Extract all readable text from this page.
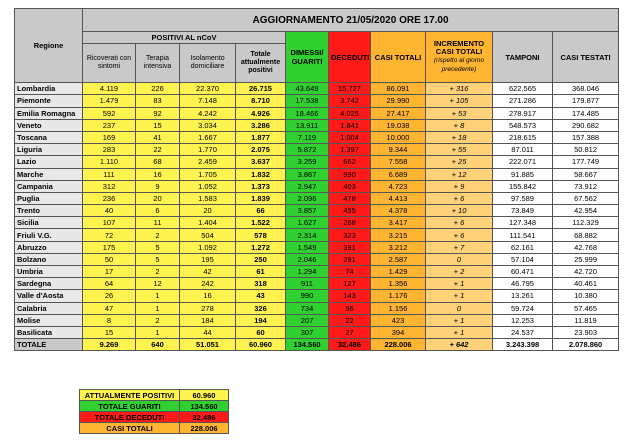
Regione	AGGIORNAMENTO 21/05/2020 ORE 17.00									
	POSITIVI AL nCoV				DIMESSI/ GUARITI	DECEDUTI	CASI TOTALI	INCREMENTO CASI TOTALI
(rispetto al giorno precedente)	TAMPONI	CASI TESTATI
	Ricoverati con sintomi	Terapia intensiva	Isolamento domiciliare	Totale attualmente positivi						
Lombardia	4.119	226	22.370	26.715	43.649	15.727	86.091	+ 316	622.565	368.046
Piemonte	1.479	83	7.148	8.710	17.538	3.742	29.990	+ 105	271.286	179.877
Emilia Romagna	592	92	4.242	4.926	18.466	4.025	27.417	+ 53	278.917	174.485
Veneto	237	15	3.034	3.286	13.911	1.841	19.038	+ 8	548.573	290.682
Toscana	169	41	1.667	1.877	7.119	1.004	10.000	+ 18	218.615	157.388
Liguria	283	22	1.770	2.075	5.872	1.397	9.344	+ 55	87.011	50.812
Lazio	1.110	68	2.459	3.637	3.259	662	7.558	+ 25	222.071	177.749
Marche	111	16	1.705	1.832	3.867	990	6.689	+ 12	91.885	58.667
Campania	312	9	1.052	1.373	2.947	403	4.723	+ 9	155.842	73.912
Puglia	236	20	1.583	1.839	2.096	478	4.413	+ 6	97.589	67.562
Trento	40	6	20	66	3.857	455	4.378	+ 10	73.849	42.954
Sicilia	107	11	1.404	1.522	1.627	268	3.417	+ 6	127.348	112.329
Friuli V.G.	72	2	504	578	2.314	323	3.215	+ 6	111.541	68.882
Abruzzo	175	5	1.092	1.272	1.549	391	3.212	+ 7	62.161	42.768
Bolzano	50	5	195	250	2.046	291	2.587	0	57.104	25.999
Umbria	17	2	42	61	1.294	74	1.429	+ 2	60.471	42.720
Sardegna	64	12	242	318	911	127	1.356	+ 1	46.795	40.461
Valle d'Aosta	26	1	16	43	990	143	1.176	+ 1	13.261	10.380
Calabria	47	1	278	326	734	96	1.156	0	59.724	57.465
Molise	8	2	184	194	207	22	423	+ 1	12.253	11.819
Basilicata	15	1	44	60	307	27	394	+ 1	24.537	23.903
TOTALE	9.269	640	51.051	60.960	134.560	32.486	228.006	+ 642	3.243.398	2.078.860
ATTUALMENTE POSITIVI	60.960
TOTALE GUARITI	134.560
TOTALE DECEDUTI	32.486
CASI TOTALI	228.006
